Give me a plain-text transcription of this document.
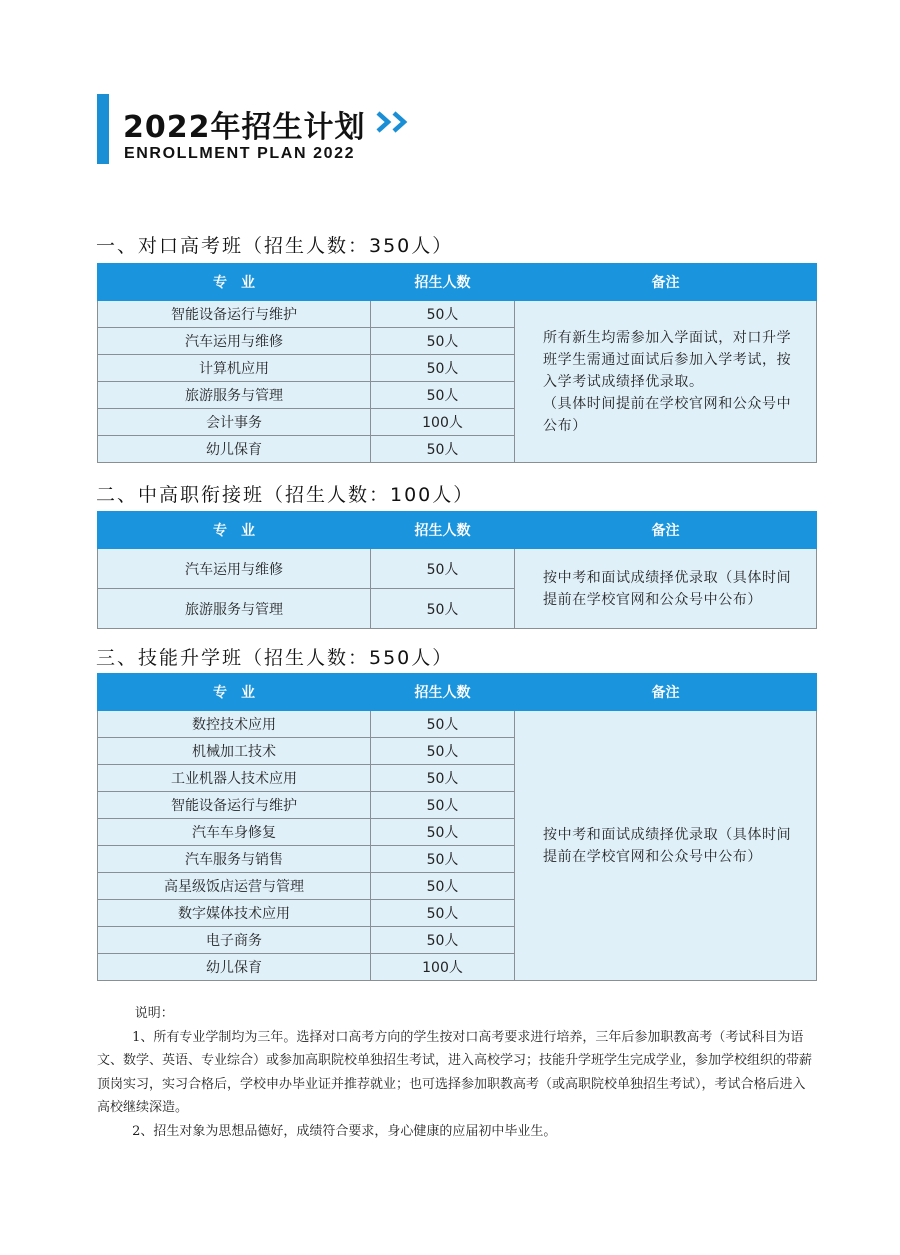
2022年招生计划
ENROLLMENT PLAN 2022
一、对口高考班（招生人数：350人）
专　业	招生人数	备注
智能设备运行与维护	50人	所有新生均需参加入学面试，对口升学班学生需通过面试后参加入学考试，按入学考试成绩择优录取。
（具体时间提前在学校官网和公众号中公布）

汽车运用与维修	50人	
计算机应用	50人	
旅游服务与管理	50人	
会计事务	100人	
幼儿保育	50人	
二、中高职衔接班（招生人数：100人）
专　业	招生人数	备注
汽车运用与维修	50人	按中考和面试成绩择优录取（具体时间提前在学校官网和公众号中公布）

旅游服务与管理	50人	
三、技能升学班（招生人数：550人）
专　业	招生人数	备注
数控技术应用	50人	按中考和面试成绩择优录取（具体时间提前在学校官网和公众号中公布）

机械加工技术	50人	
工业机器人技术应用	50人	
智能设备运行与维护	50人	
汽车车身修复	50人	
汽车服务与销售	50人	
高星级饭店运营与管理	50人	
数字媒体技术应用	50人	
电子商务	50人	
幼儿保育	100人	

说明：

1、所有专业学制均为三年。选择对口高考方向的学生按对口高考要求进行培养，三年后参加职教高考（考试科目为语文、数学、英语、专业综合）或参加高职院校单独招生考试，进入高校学习；技能升学班学生完成学业，参加学校组织的带薪顶岗实习，实习合格后，学校申办毕业证并推荐就业；也可选择参加职教高考（或高职院校单独招生考试），考试合格后进入高校继续深造。

2、招生对象为思想品德好，成绩符合要求，身心健康的应届初中毕业生。
